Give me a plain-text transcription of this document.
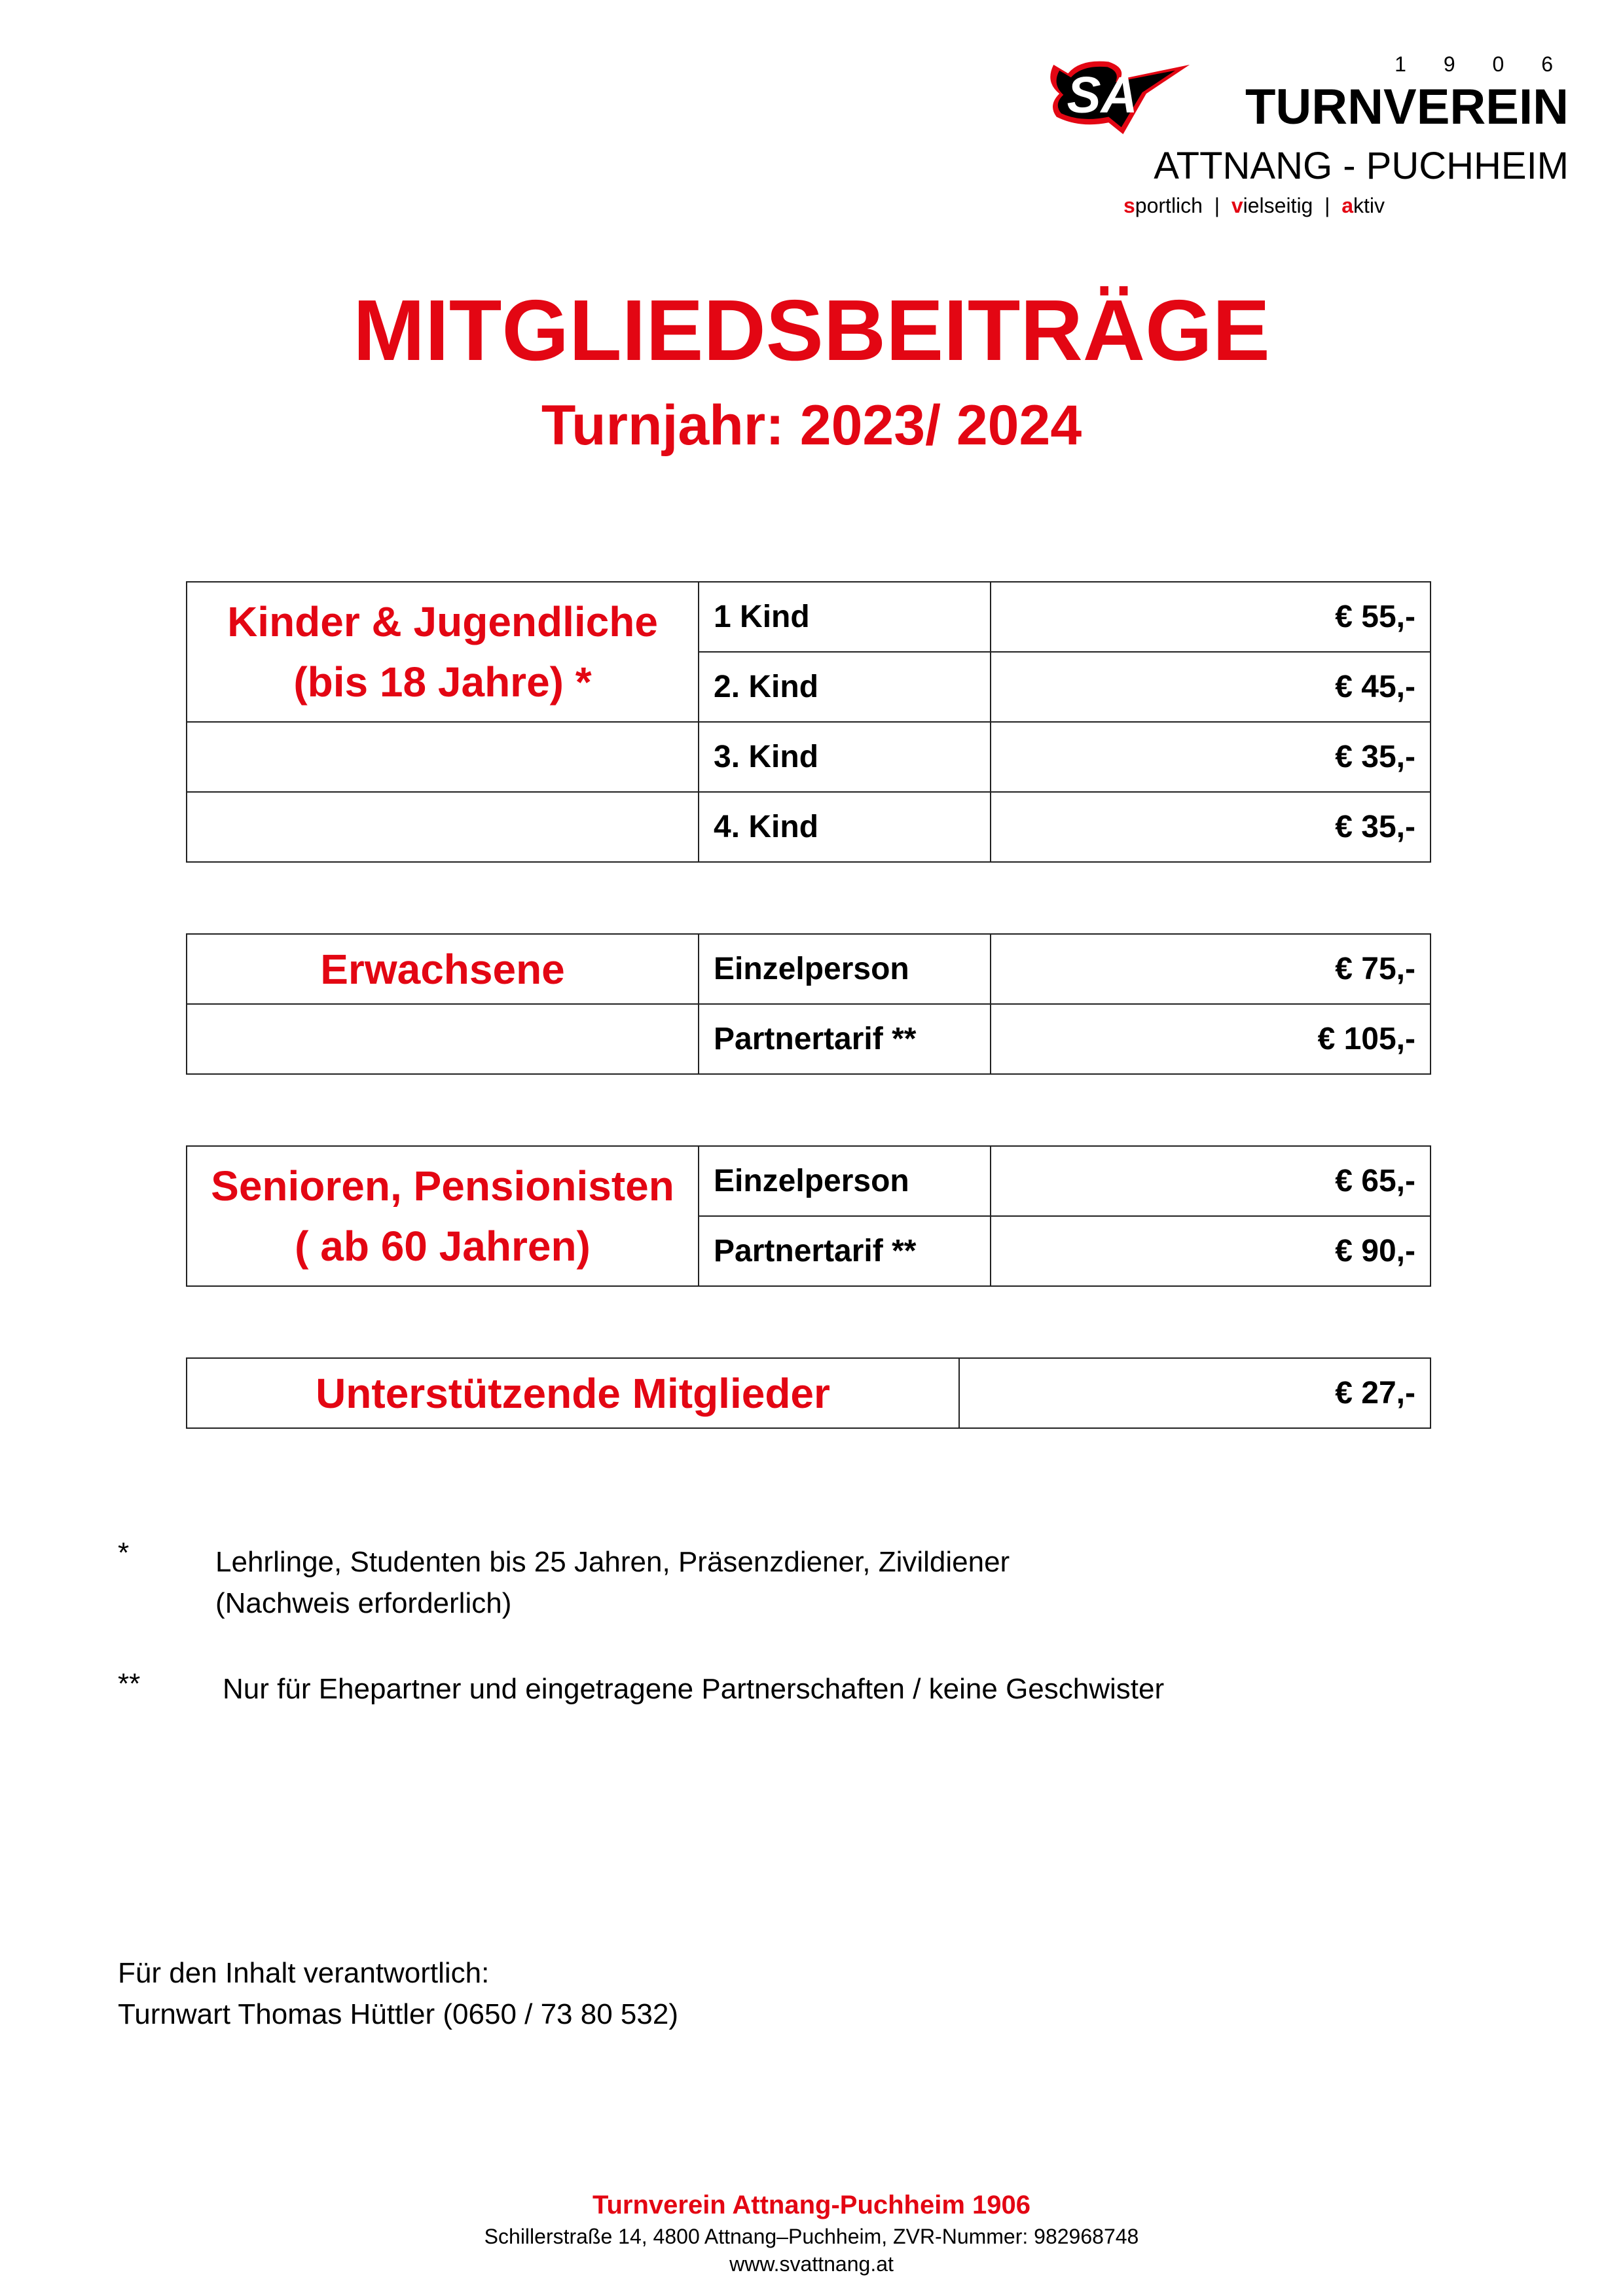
SA
1 9 0 6
TURNVEREIN
ATTNANG - PUCHHEIM
sportlich | vielseitig | aktiv
MITGLIEDSBEITRÄGE
Turnjahr: 2023/ 2024
Kinder & Jugendliche
(bis 18 Jahre) *	1 Kind	€ 55,-
	2. Kind	€ 45,-
	3. Kind	€ 35,-
	4. Kind	€ 35,-
Erwachsene	Einzelperson	€ 75,-
	Partnertarif **	€ 105,-
Senioren, Pensionisten
( ab 60 Jahren)	Einzelperson	€ 65,-
	Partnertarif **	€ 90,-
Unterstützende Mitglieder	€ 27,-
*	Lehrlinge, Studenten bis 25 Jahren, Präsenzdiener, Zivildiener
(Nachweis erforderlich)
**	Nur für Ehepartner und eingetragene Partnerschaften / keine Geschwister
Für den Inhalt verantwortlich:
Turnwart Thomas Hüttler (0650 / 73 80 532)
Turnverein Attnang-Puchheim 1906
Schillerstraße 14, 4800 Attnang–Puchheim, ZVR-Nummer: 982968748
www.svattnang.at
